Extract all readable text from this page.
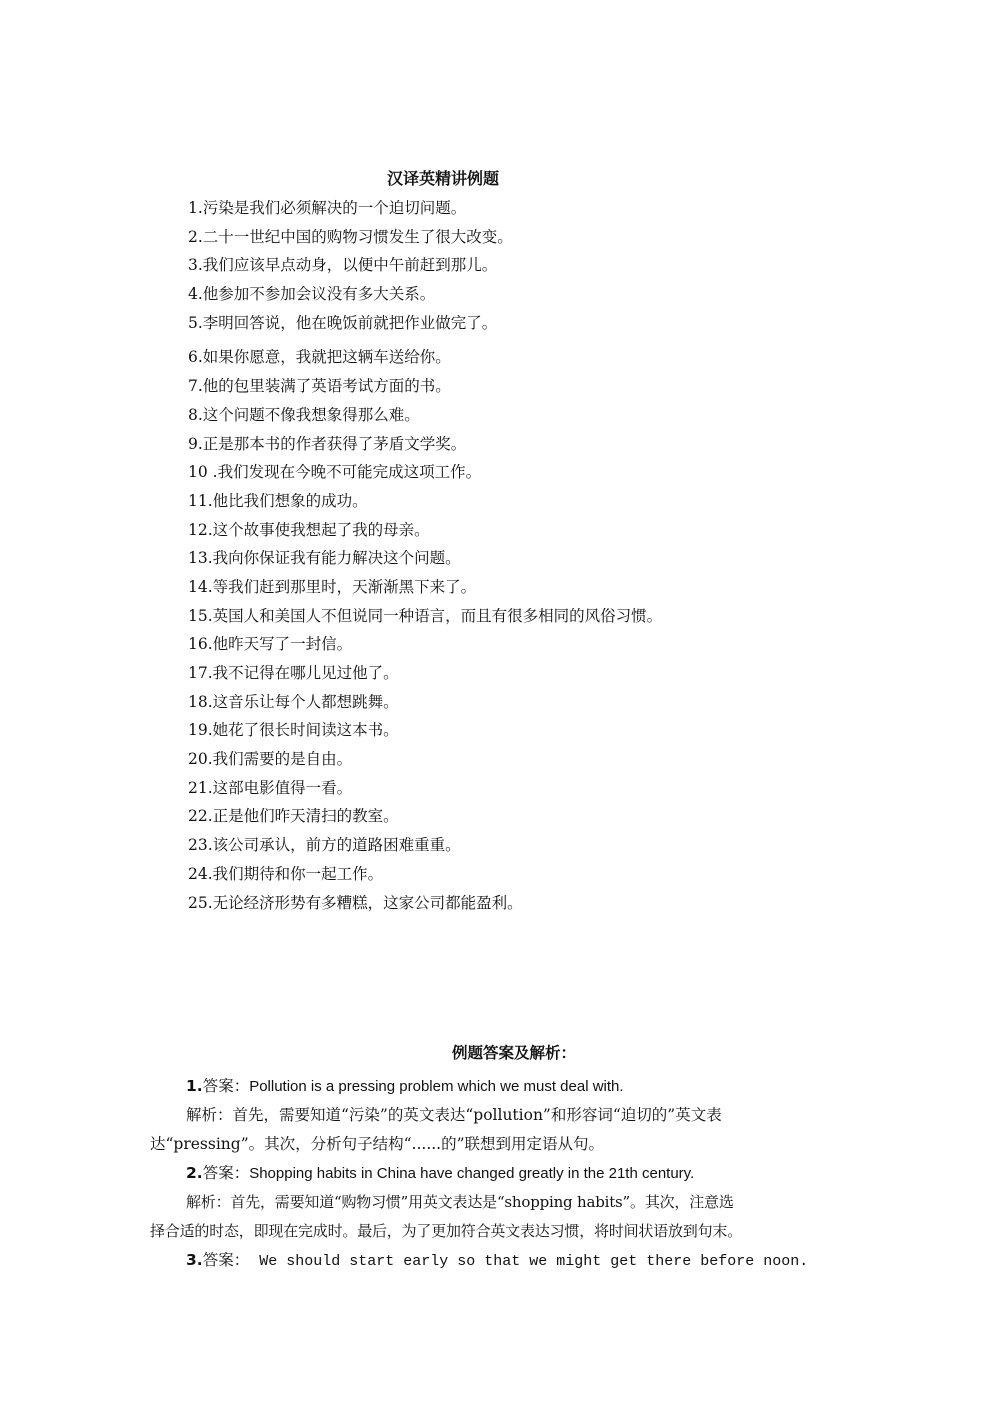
汉译英精讲例题
1.污染是我们必须解决的一个迫切问题。
2.二十一世纪中国的购物习惯发生了很大改变。
3.我们应该早点动身，以便中午前赶到那儿。
4.他参加不参加会议没有多大关系。
5.李明回答说，他在晚饭前就把作业做完了。
6.如果你愿意，我就把这辆车送给你。
7.他的包里装满了英语考试方面的书。
8.这个问题不像我想象得那么难。
9.正是那本书的作者获得了茅盾文学奖。
10 .我们发现在今晚不可能完成这项工作。
11.他比我们想象的成功。
12.这个故事使我想起了我的母亲。
13.我向你保证我有能力解决这个问题。
14.等我们赶到那里时，天渐渐黑下来了。
15.英国人和美国人不但说同一种语言，而且有很多相同的风俗习惯。
16.他昨天写了一封信。
17.我不记得在哪儿见过他了。
18.这音乐让每个人都想跳舞。
19.她花了很长时间读这本书。
20.我们需要的是自由。
21.这部电影值得一看。
22.正是他们昨天清扫的教室。
23.该公司承认，前方的道路困难重重。
24.我们期待和你一起工作。
25.无论经济形势有多糟糕，这家公司都能盈利。
例题答案及解析：
1.答案：Pollution is a pressing problem which we must deal with.
解析：首先，需要知道“污染”的英文表达“pollution”和形容词“迫切的”英文表
达“pressing”。其次，分析句子结构“......的”联想到用定语从句。
2.答案：Shopping habits in China have changed greatly in the 21th century.
解析：首先，需要知道“购物习惯”用英文表达是“shopping habits”。其次，注意选
择合适的时态，即现在完成时。最后，为了更加符合英文表达习惯，将时间状语放到句末。
3.答案： We should start early so that we might get there before noon.
